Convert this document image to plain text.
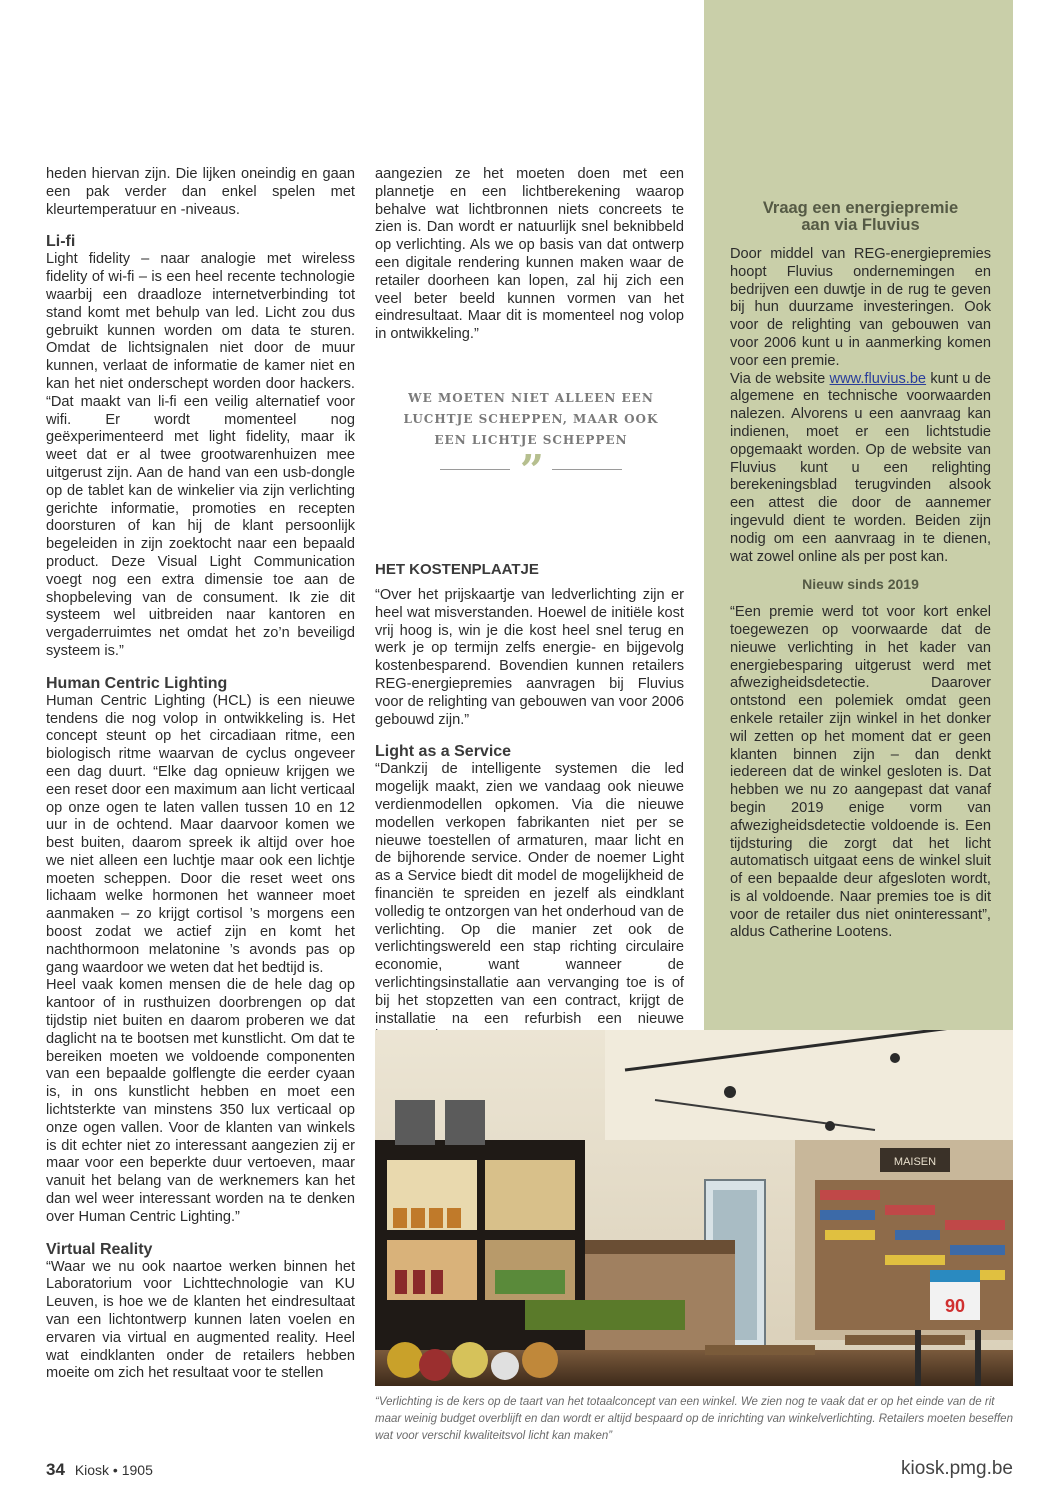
heden hiervan zijn. Die lijken oneindig en gaan een pak verder dan enkel spelen met kleurtemperatuur en -niveaus.

Li-fi

Light fidelity – naar analogie met wireless fidelity of wi-fi – is een heel recente technologie waarbij een draadloze internetverbinding tot stand komt met behulp van led. Licht zou dus gebruikt kunnen worden om data te sturen. Omdat de lichtsignalen niet door de muur kunnen, verlaat de informatie de kamer niet en kan het niet onderschept worden door hackers. “Dat maakt van li-fi een veilig alternatief voor wifi. Er wordt momenteel nog geëxperimenteerd met light fidelity, maar ik weet dat er al twee grootwarenhuizen mee uitgerust zijn. Aan de hand van een usb-dongle op de tablet kan de winkelier via zijn verlichting gerichte informatie, promoties en recepten doorsturen of kan hij de klant persoonlijk begeleiden in zijn zoektocht naar een bepaald product. Deze Visual Light Communication voegt nog een extra dimensie toe aan de shopbeleving van de consument. Ik zie dit systeem wel uitbreiden naar kantoren en vergaderruimtes net omdat het zo’n beveiligd systeem is.”

Human Centric Lighting

Human Centric Lighting (HCL) is een nieuwe tendens die nog volop in ontwikkeling is. Het concept steunt op het circadiaan ritme, een biologisch ritme waarvan de cyclus ongeveer een dag duurt. “Elke dag opnieuw krijgen we een reset door een maximum aan licht verticaal op onze ogen te laten vallen tussen 10 en 12 uur in de ochtend. Maar daarvoor komen we best buiten, daarom spreek ik altijd over hoe we niet alleen een luchtje maar ook een lichtje moeten scheppen. Door die reset weet ons lichaam welke hormonen het wanneer moet aanmaken – zo krijgt cortisol ’s morgens een boost zodat we actief zijn en komt het nachthormoon melatonine ’s avonds pas op gang waardoor we weten dat het bedtijd is.

Heel vaak komen mensen die de hele dag op kantoor of in rusthuizen doorbrengen op dat tijdstip niet buiten en daarom proberen we dat daglicht na te bootsen met kunstlicht. Om dat te bereiken moeten we voldoende componenten van een bepaalde golflengte die eerder cyaan is, in ons kunstlicht hebben en moet een lichtsterkte van minstens 350 lux verticaal op onze ogen vallen. Voor de klanten van winkels is dit echter niet zo interessant aangezien zij er maar voor een beperkte duur vertoeven, maar vanuit het belang van de werknemers kan het dan wel weer interessant worden na te denken over Human Centric Lighting.”

Virtual Reality

“Waar we nu ook naartoe werken binnen het Laboratorium voor Lichttechnologie van KU Leuven, is hoe we de klanten het eindresultaat van een lichtontwerp kunnen laten voelen en ervaren via virtual en augmented reality. Heel wat eindklanten onder de retailers hebben moeite om zich het resultaat voor te stellen

aangezien ze het moeten doen met een plannetje en een lichtberekening waarop behalve wat lichtbronnen niets concreets te zien is. Dan wordt er natuurlijk snel beknibbeld op verlichting. Als we op basis van dat ontwerp een digitale rendering kunnen maken waar de retailer doorheen kan lopen, zal hij zich een veel beter beeld kunnen vormen van het eindresultaat. Maar dit is momenteel nog volop in ontwikkeling.”

HET KOSTENPLAATJE

“Over het prijskaartje van ledverlichting zijn er heel wat misverstanden. Hoewel de initiële kost vrij hoog is, win je die kost heel snel terug en werk je op termijn zelfs energie- en bijgevolg kostenbesparend. Bovendien kunnen retailers REG-energiepremies aanvragen bij Fluvius voor de relighting van gebouwen van voor 2006 gebouwd zijn.”

Light as a Service

“Dankzij de intelligente systemen die led mogelijk maakt, zien we vandaag ook nieuwe verdienmodellen opkomen. Via die nieuwe modellen verkopen fabrikanten niet per se nieuwe toestellen of armaturen, maar licht en de bijhorende service. Onder de noemer Light as a Service biedt dit model de mogelijkheid de financiën te spreiden en jezelf als eindklant volledig te ontzorgen van het onderhoud van de verlichting. Op die manier zet ook de verlichtingswereld een stap richting circulaire economie, want wanneer de verlichtingsinstallatie aan vervanging toe is of bij het stopzetten van een contract, krijgt de installatie na een refurbish een nieuwe

WE MOETEN NIET ALLEEN EEN LUCHTJE SCHEPPEN, MAAR OOK EEN LICHTJE SCHEPPEN
”
Vraag een energiepremie
aan via Fluvius

Door middel van REG-energiepremies hoopt Fluvius ondernemingen en bedrijven een duwtje in de rug te geven bij hun duurzame investeringen. Ook voor de relighting van gebouwen van voor 2006 kunt u in aanmerking komen voor een premie.

Via de website www.fluvius.be kunt u de algemene en technische voorwaarden nalezen. Alvorens u een aanvraag kan indienen, moet er een lichtstudie opgemaakt worden. Op de website van Fluvius kunt u een relighting berekeningsblad terugvinden alsook een attest die door de aannemer ingevuld dient te worden. Beiden zijn nodig om een aanvraag in te dienen, wat zowel online als per post kan.

Nieuw sinds 2019

“Een premie werd tot voor kort enkel toegewezen op voorwaarde dat de nieuwe verlichting in het kader van energiebesparing uitgerust werd met afwezigheidsdetectie. Daarover ontstond een polemiek omdat geen enkele retailer zijn winkel in het donker wil zetten op het moment dat er geen klanten binnen zijn – dan denkt iedereen dat de winkel gesloten is. Dat hebben we nu zo aangepast dat vanaf begin 2019 enige vorm van afwezigheidsdetectie voldoende is. Een tijdsturing die zorgt dat het licht automatisch uitgaat eens de winkel sluit of een bepaalde deur afgesloten wordt, is al voldoende. Naar premies toe is dit voor de retailer dus niet oninteressant”, aldus Catherine Lootens.

MAISEN
90
“Verlichting is de kers op de taart van het totaalconcept van een winkel. We zien nog te vaak dat er op het einde van de rit maar weinig budget overblijft en dan wordt er altijd bespaard op de inrichting van winkelverlichting. Retailers moeten beseffen wat voor verschil kwaliteitsvol licht kan maken”
34 Kiosk • 1905	kiosk.pmg.be
